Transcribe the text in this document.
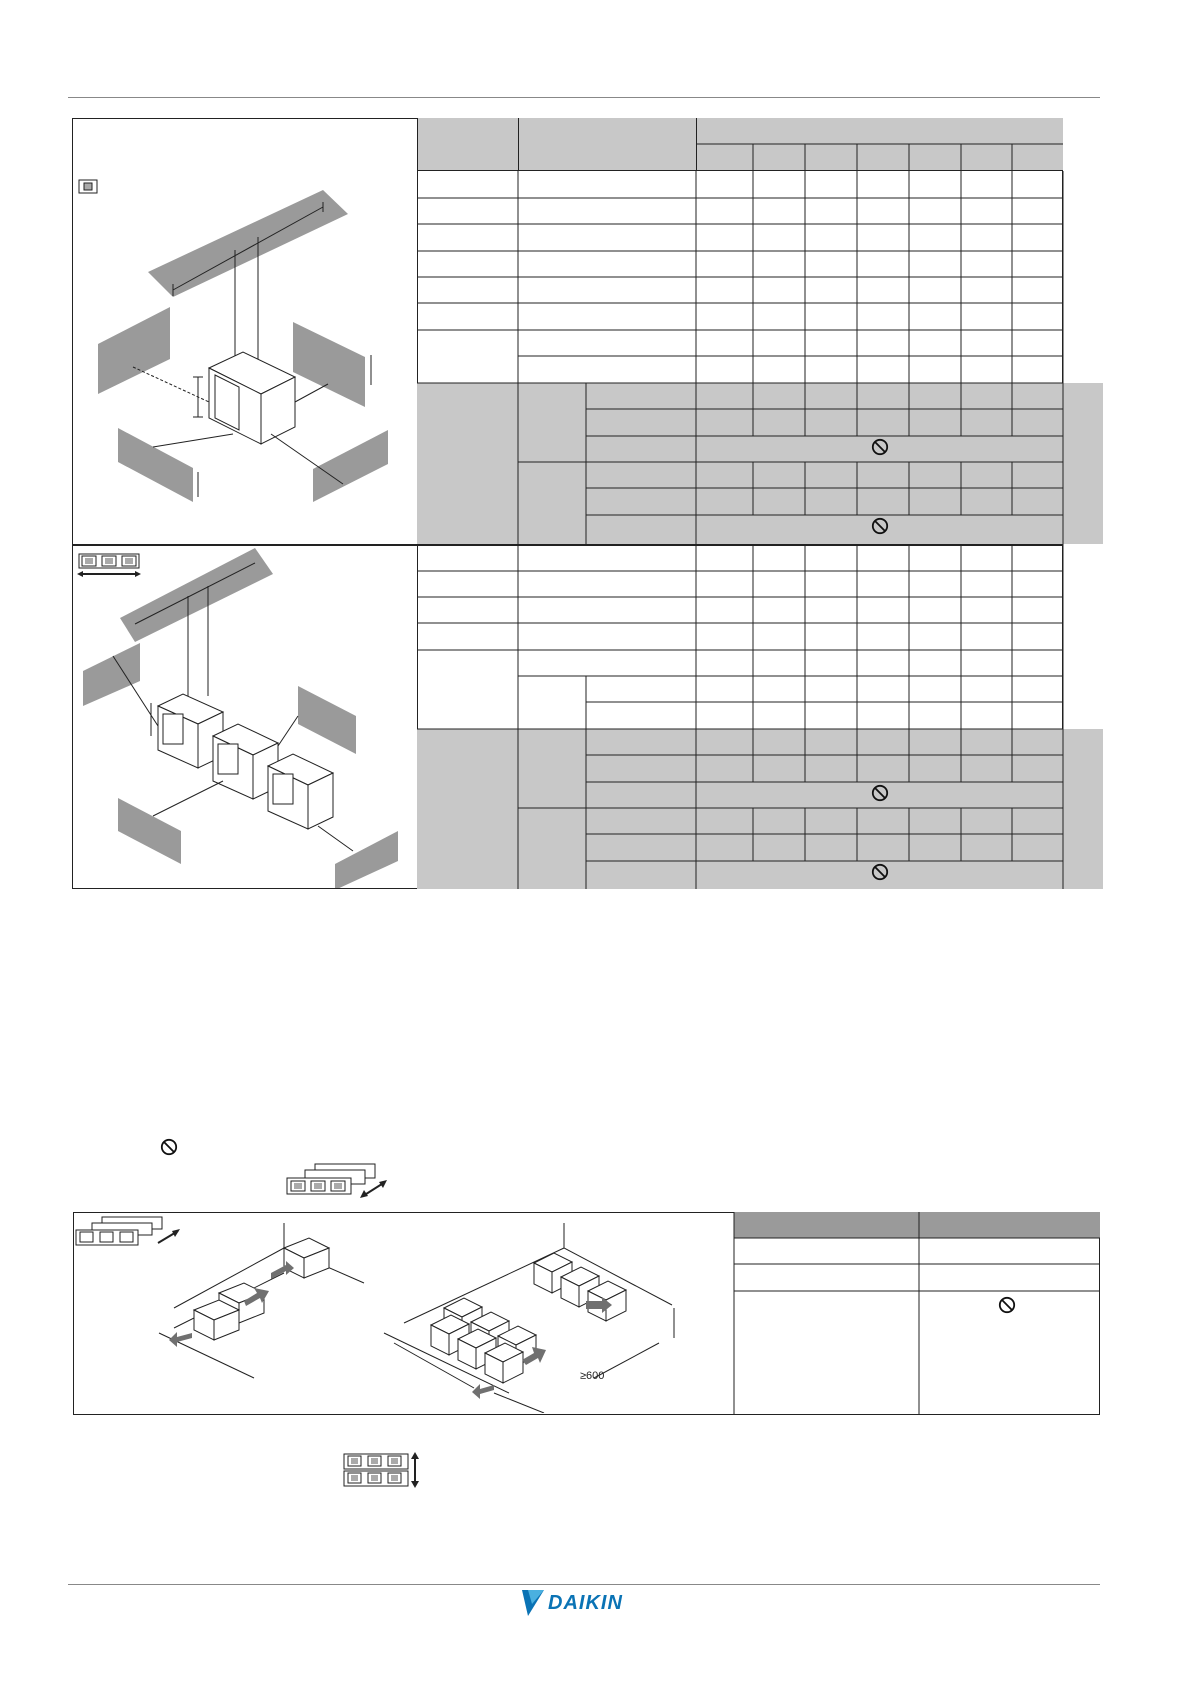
≥600
DAIKIN
